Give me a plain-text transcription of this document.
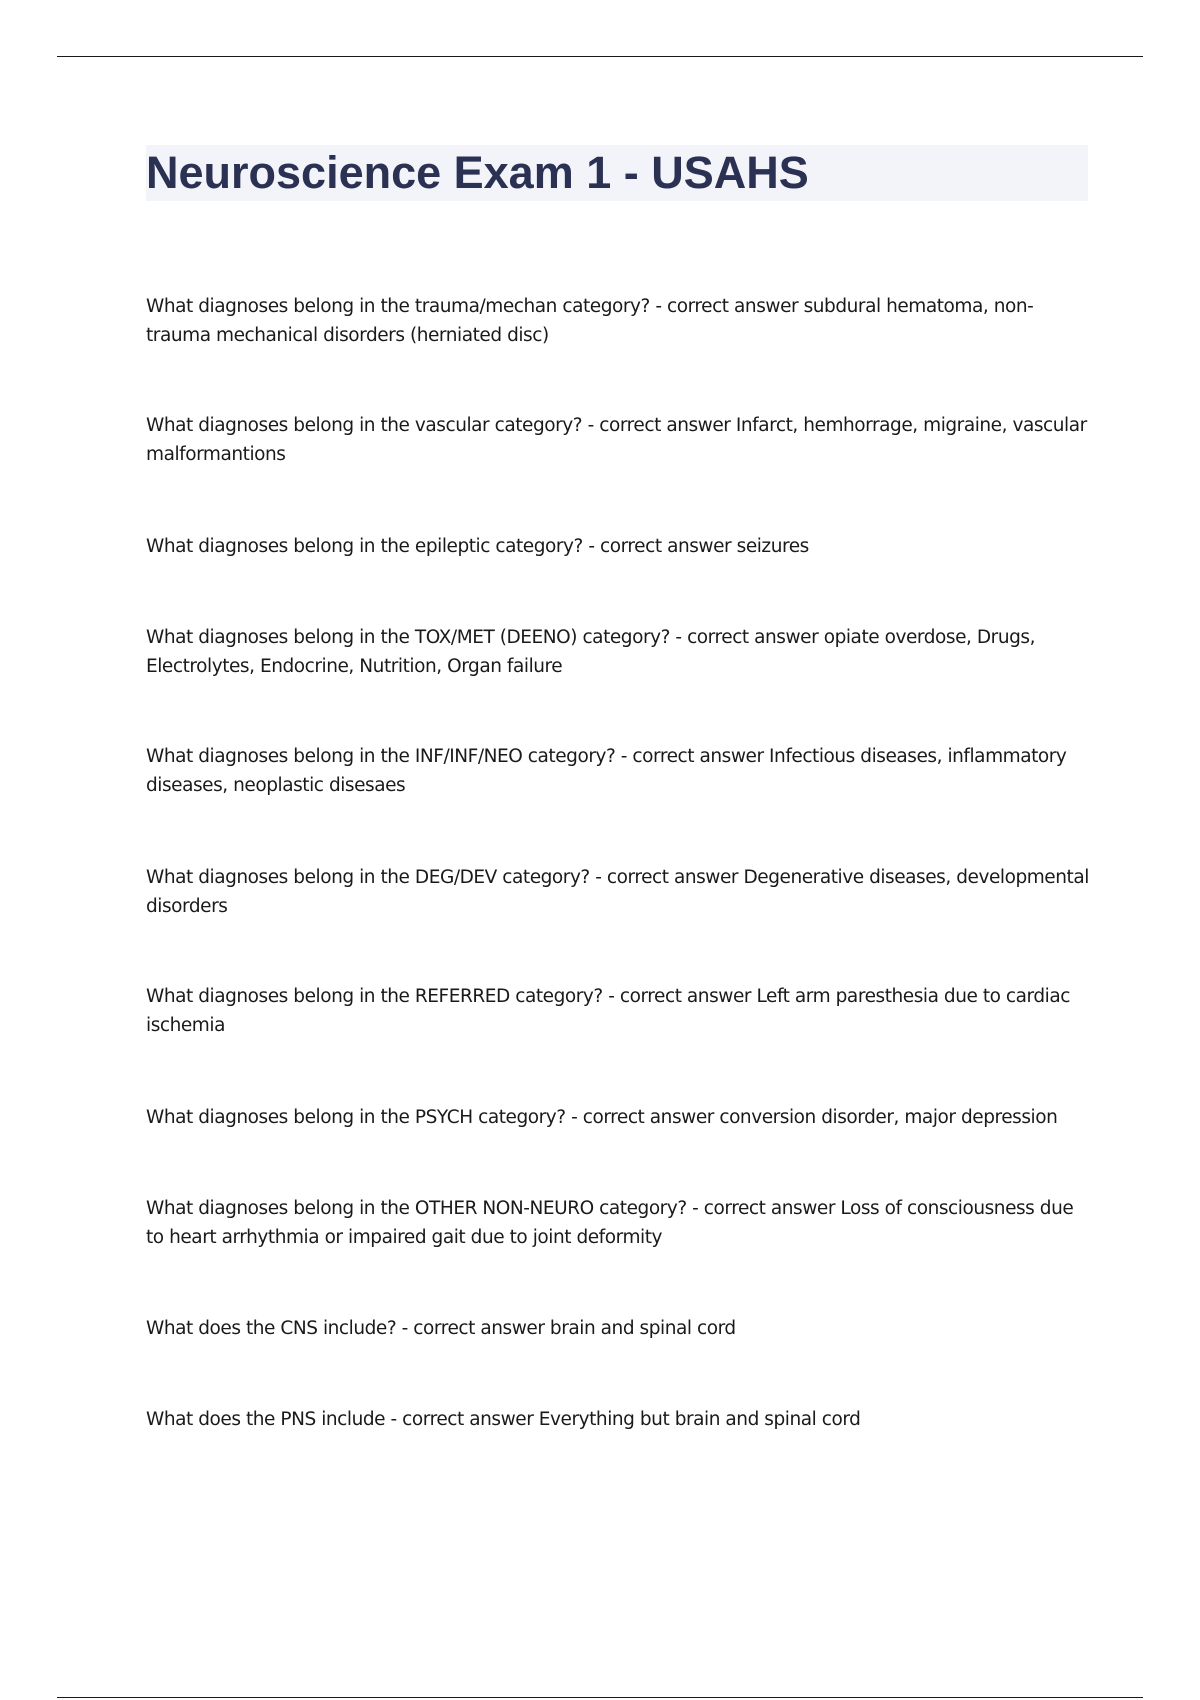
Neuroscience Exam 1 - USAHS
What diagnoses belong in the trauma/mechan category? - correct answer subdural hematoma, non-trauma mechanical disorders (herniated disc)
What diagnoses belong in the vascular category? - correct answer Infarct, hemhorrage, migraine, vascular malformantions
What diagnoses belong in the epileptic category? - correct answer seizures
What diagnoses belong in the TOX/MET (DEENO) category? - correct answer opiate overdose, Drugs, Electrolytes, Endocrine, Nutrition, Organ failure
What diagnoses belong in the INF/INF/NEO category? - correct answer Infectious diseases, inflammatory diseases, neoplastic disesaes
What diagnoses belong in the DEG/DEV category? - correct answer Degenerative diseases, developmental disorders
What diagnoses belong in the REFERRED category? - correct answer Left arm paresthesia due to cardiac ischemia
What diagnoses belong in the PSYCH category? - correct answer conversion disorder, major depression
What diagnoses belong in the OTHER NON-NEURO category? - correct answer Loss of consciousness due to heart arrhythmia or impaired gait due to joint deformity
What does the CNS include? - correct answer brain and spinal cord
What does the PNS include - correct answer Everything but brain and spinal cord
